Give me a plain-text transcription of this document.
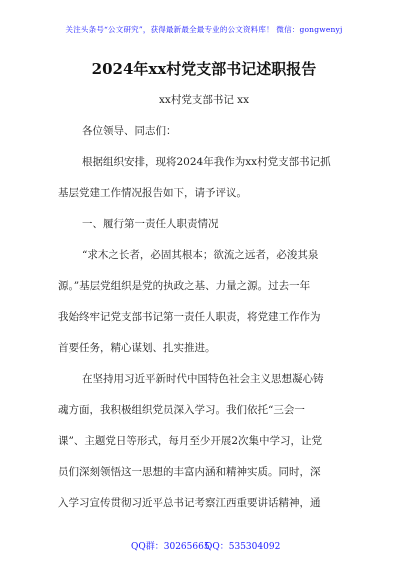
关注头条号“公文研究”，获得最新最全最专业的公文资料库！ 微信：gongwenyj
2024年xx村党支部书记述职报告
xx村党支部书记 xx
各位领导、同志们：
根据组织安排，现将2024年我作为xx村党支部书记抓
基层党建工作情况报告如下，请予评议。
一、履行第一责任人职责情况
“求木之长者，必固其根本；欲流之远者，必浚其泉
源。”基层党组织是党的执政之基、力量之源。过去一年
我始终牢记党支部书记第一责任人职责，将党建工作作为
首要任务，精心谋划、扎实推进。
在坚持用习近平新时代中国特色社会主义思想凝心铸
魂方面，我积极组织党员深入学习。我们依托“三会一
课”、主题党日等形式，每月至少开展2次集中学习，让党
员们深刻领悟这一思想的丰富内涵和精神实质。同时，深
入学习宣传贯彻习近平总书记考察江西重要讲话精神，通
QQ群：30265665
QQ：535304092
